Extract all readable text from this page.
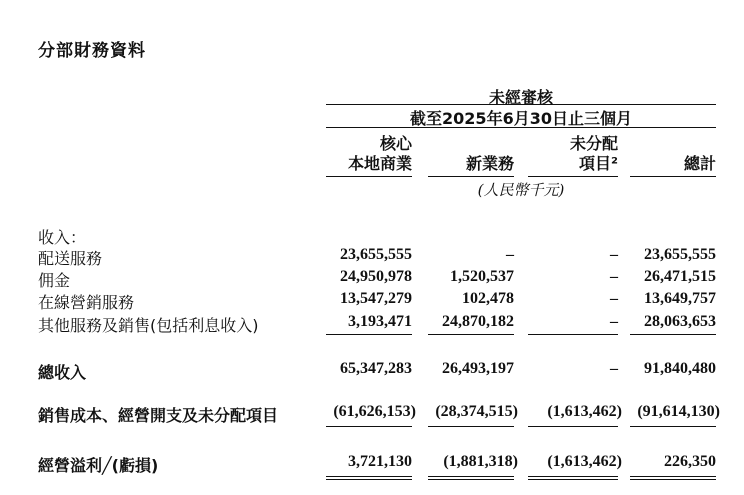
分部財務資料
未經審核
截至2025年6月30日止三個月
核心
本地商業	新業務
未分配
項目²	總計
(人民幣千元)
收入：
配送服務	23,655,555	–	–	23,655,555
佣金	24,950,978	1,520,537	–	26,471,515
在線營銷服務	13,547,279	102,478	–	13,649,757
其他服務及銷售(包括利息收入)	3,193,471	24,870,182	–	28,063,653
總收入	65,347,283	26,493,197	–	91,840,480
銷售成本、經營開支及未分配項目	(61,626,153)	(28,374,515)	(1,613,462) (91,614,130)
經營溢利╱(虧損)	3,721,130	(1,881,318)	(1,613,462)	226,350
